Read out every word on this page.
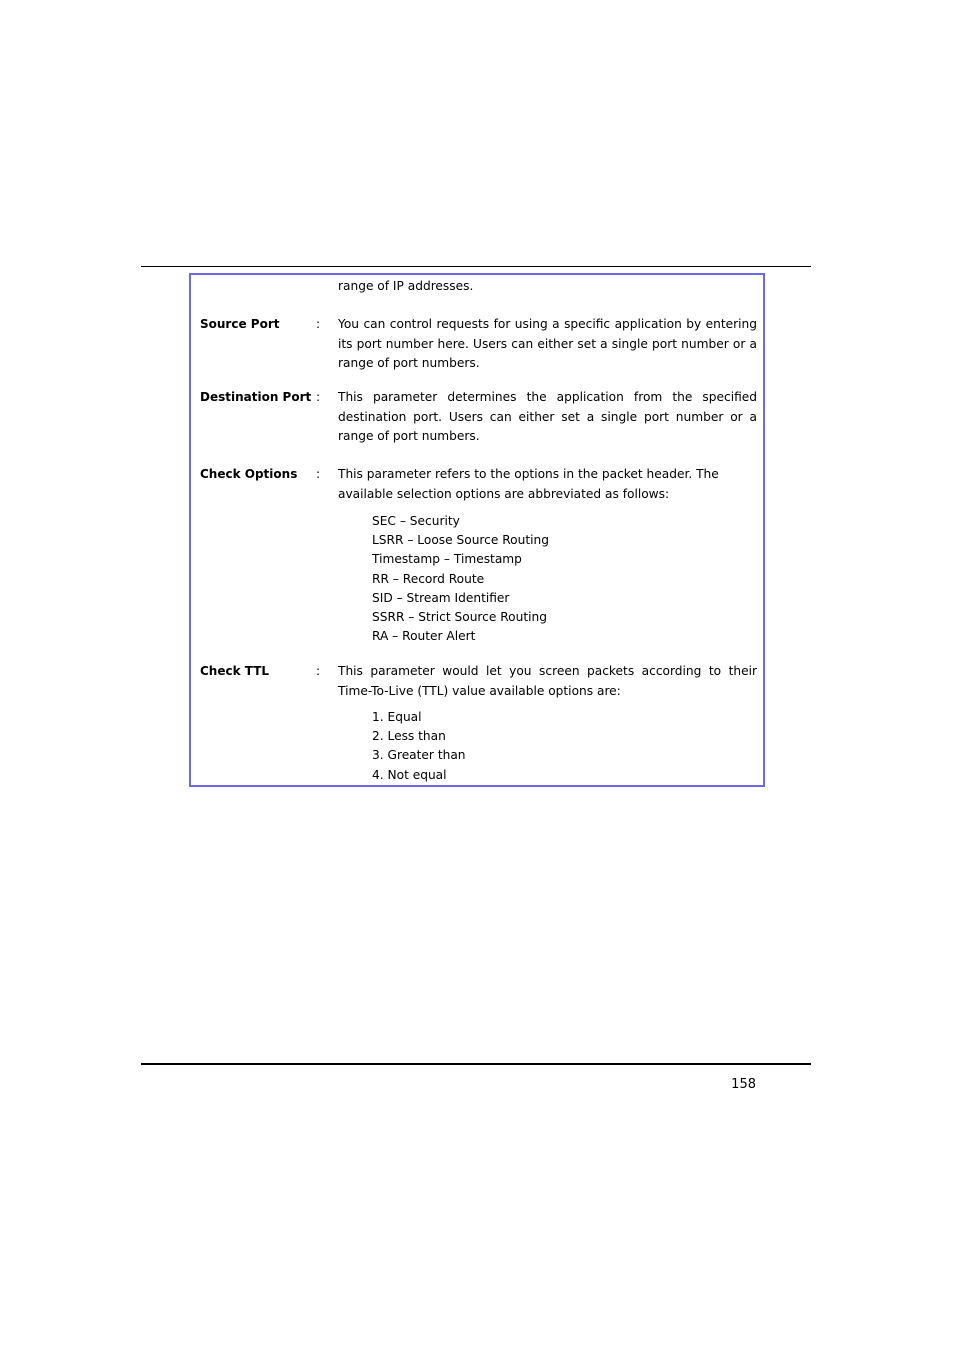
range of IP addresses.
Source Port	: You can control requests for using a specific application by entering its port number here. Users can either set a single port number or a range of port numbers.
Destination Port : This parameter determines the application from the specified destination port. Users can either set a single port number or a range of port numbers.
Check Options : This parameter refers to the options in the packet header. The available selection options are abbreviated as follows:
SEC – Security
LSRR – Loose Source Routing
Timestamp – Timestamp
RR – Record Route
SID – Stream Identifier
SSRR – Strict Source Routing
RA – Router Alert
Check TTL	: This parameter would let you screen packets according to their Time-To-Live (TTL) value available options are:
1. Equal
2. Less than
3. Greater than
4. Not equal
158
